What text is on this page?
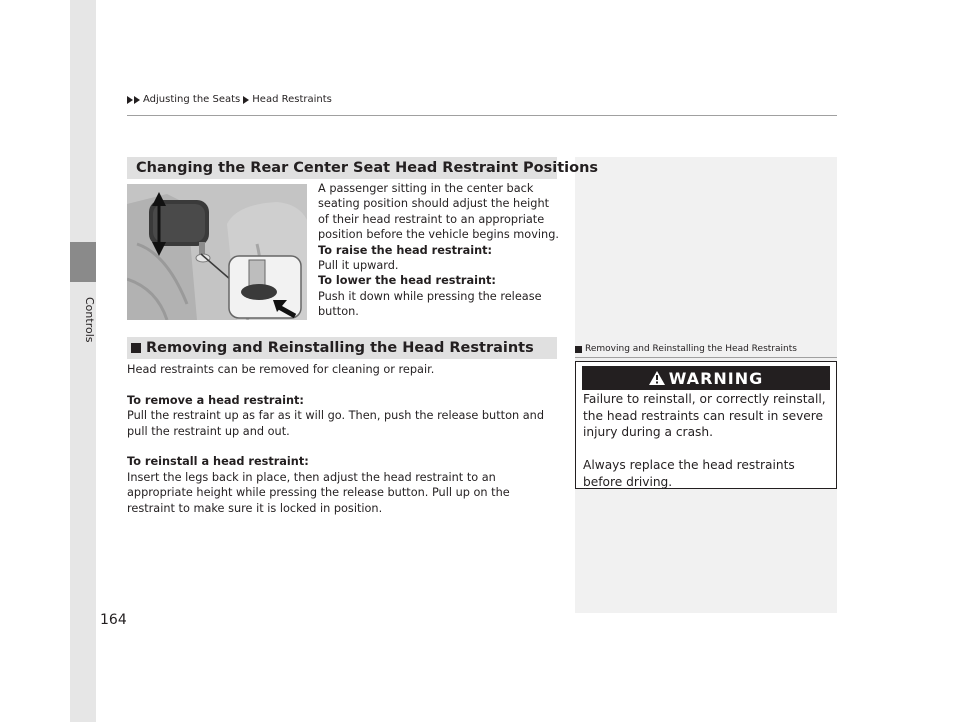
Controls
Adjusting the Seats Head Restraints
Changing the Rear Center Seat Head Restraint Positions
A passenger sitting in the center back seating position should adjust the height of their head restraint to an appropriate position before the vehicle begins moving.
To raise the head restraint:
Pull it upward.
To lower the head restraint:
Push it down while pressing the release button.
Removing and Reinstalling the Head Restraints
Head restraints can be removed for cleaning or repair.
To remove a head restraint:
Pull the restraint up as far as it will go. Then, push the release button and pull the restraint up and out.
To reinstall a head restraint:
Insert the legs back in place, then adjust the head restraint to an appropriate height while pressing the release button. Pull up on the restraint to make sure it is locked in position.
Removing and Reinstalling the Head Restraints
WARNING
Failure to reinstall, or correctly reinstall, the head restraints can result in severe injury during a crash.
Always replace the head restraints before driving.
164
